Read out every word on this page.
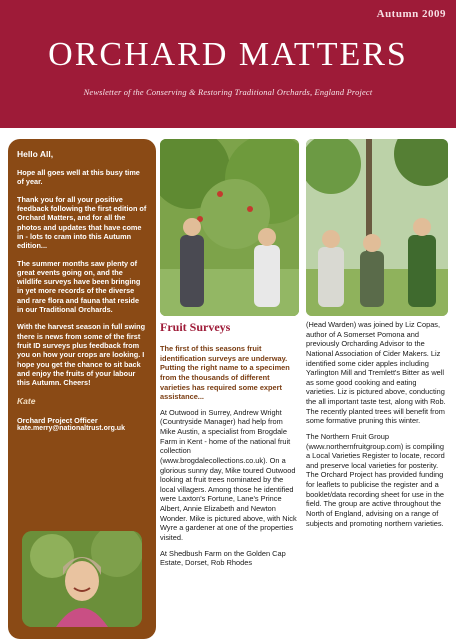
Autumn 2009
ORCHARD MATTERS
Newsletter of the Conserving & Restoring Traditional Orchards, England Project

Hello All,

Hope all goes well at this busy time of year.

Thank you for all your positive feedback following the first edition of Orchard Matters, and for all the photos and updates that have come in - lots to cram into this Autumn edition...

The summer months saw plenty of great events going on, and the wildlife surveys have been bringing in yet more records of the diverse and rare flora and fauna that reside in our Traditional Orchards.

With the harvest season in full swing there is news from some of the first fruit ID surveys plus feedback from you on how your crops are looking. I hope you get the chance to sit back and enjoy the fruits of your labour this Autumn. Cheers!

Kate

Orchard Project Officer

kate.merry@nationaltrust.org.uk

Fruit Surveys

The first of this seasons fruit identification surveys are underway. Putting the right name to a specimen from the thousands of different varieties has required some expert assistance...

At Outwood in Surrey, Andrew Wright (Countryside Manager) had help from Mike Austin, a specialist from Brogdale Farm in Kent - home of the national fruit collection (www.brogdalecollections.co.uk). On a glorious sunny day, Mike toured Outwood looking at fruit trees nominated by the local villagers. Among those he identified were Laxton's Fortune, Lane's Prince Albert, Annie Elizabeth and Newton Wonder. Mike is pictured above, with Nick Wyre a gardener at one of the properties visited.

At Shedbush Farm on the Golden Cap Estate, Dorset, Rob Rhodes

(Head Warden) was joined by Liz Copas, author of A Somerset Pomona and previously Orcharding Advisor to the National Association of Cider Makers. Liz identified some cider apples including Yarlington Mill and Tremlett's Bitter as well as some good cooking and eating varieties. Liz is pictured above, conducting the all important taste test, along with Rob. The recently planted trees will benefit from some formative pruning this winter.

The Northern Fruit Group (www.northernfruitgroup.com) is compiling a Local Varieties Register to locate, record and preserve local varieties for posterity. The Orchard Project has provided funding for leaflets to publicise the register and a booklet/data recording sheet for use in the field. The group are active throughout the North of England, advising on a range of subjects and promoting northern varieties.
